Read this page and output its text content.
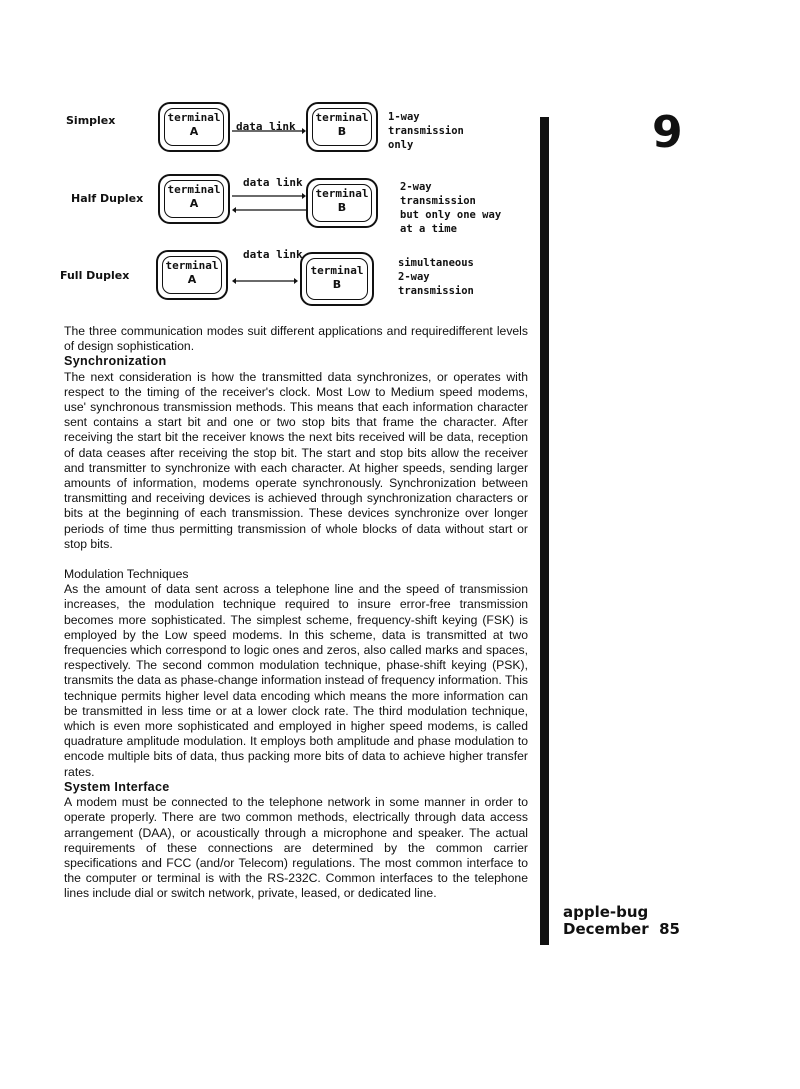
Simplex	terminal
A	data link
terminal
B
1-way
transmission
only
Half Duplex
terminal
A
data link
terminal
B
2-way
transmission
but only one way
at a time
Full Duplex
terminal
A
data link
terminal
B
simultaneous
2-way
transmission

The three communication modes suit different applications and requiredifferent levels of design sophistication.

Synchronization

The next consideration is how the transmitted data synchronizes, or operates with respect to the timing of the receiver's clock. Most Low to Medium speed modems, use' synchronous transmission methods. This means that each information character sent contains a start bit and one or two stop bits that frame the character. After receiving the start bit the receiver knows the next bits received will be data, reception of data ceases after receiving the stop bit. The start and stop bits allow the receiver and transmitter to synchronize with each character. At higher speeds, sending larger amounts of information, modems operate synchronously. Synchronization between transmitting and receiving devices is achieved through synchronization characters or bits at the beginning of each transmission. These devices synchronize over longer periods of time thus permitting transmission of whole blocks of data without start or stop bits.

Modulation Techniques

As the amount of data sent across a telephone line and the speed of transmission increases, the modulation technique required to insure error-free transmission becomes more sophisticated. The simplest scheme, frequency-shift keying (FSK) is employed by the Low speed modems. In this scheme, data is transmitted at two frequencies which correspond to logic ones and zeros, also called marks and spaces, respectively. The second common modulation technique, phase-shift keying (PSK), transmits the data as phase-change information instead of frequency information. This technique permits higher level data encoding which means the more information can be transmitted in less time or at a lower clock rate. The third modulation technique, which is even more sophisticated and employed in higher speed modems, is called quadrature amplitude modulation. It employs both amplitude and phase modulation to encode multiple bits of data, thus packing more bits of data to achieve higher transfer rates.

System Interface

A modem must be connected to the telephone network in some manner in order to operate properly. There are two common methods, electrically through data access arrangement (DAA), or acoustically through a microphone and speaker. The actual requirements of these connections are determined by the common carrier specifications and FCC (and/or Telecom) regulations. The most common interface to the computer or terminal is with the RS-232C. Common interfaces to the telephone lines include dial or switch network, private, leased, or dedicated line.

9
apple-bug
December 85
